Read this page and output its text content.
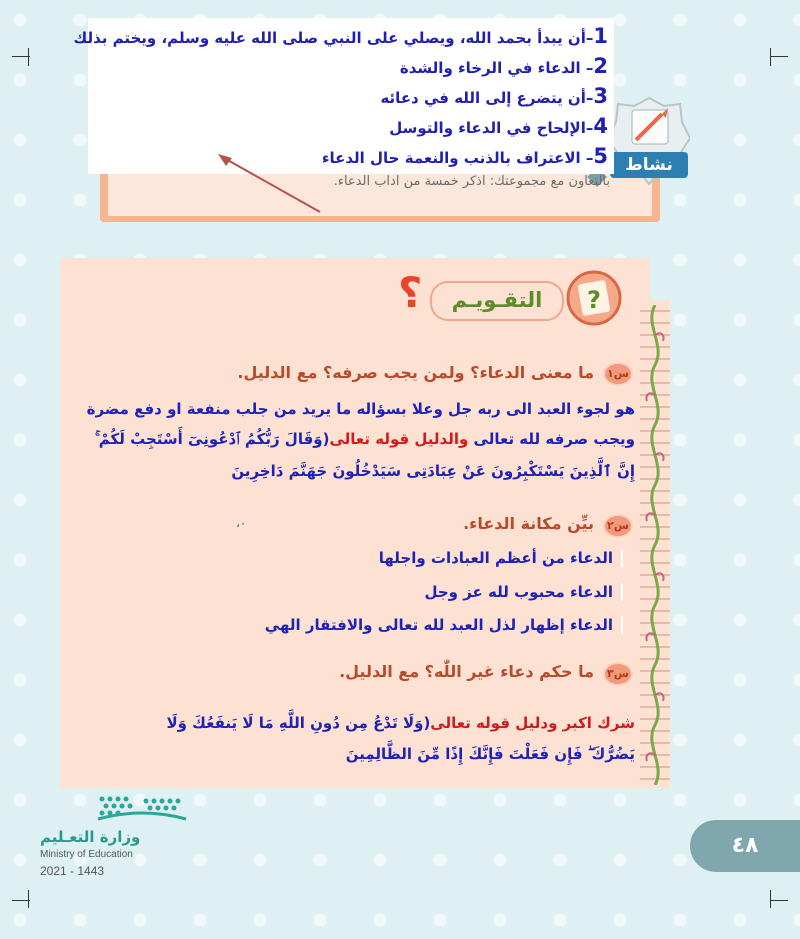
بالتعاون مع مجموعتك: اذكر خمسة من اداب الدعاء.
نشاط
1–أن يبدأ بحمد الله، ويصلي على النبي صلى الله عليه وسلم، ويختم بذلك
2– الدعاء في الرخاء والشدة
3–أن يتضرع إلى الله في دعائه
4–الإلحاح في الدعاء والتوسل
5– الاعتراف بالذنب والنعمة حال الدعاء
?
التقـويـم
؟
س١
ما معنى الدعاء؟ ولمن يجب صرفه؟ مع الدليل.
هو لجوء العبد الى ربه جل وعلا بسؤاله ما يريد من جلب منفعة او دفع مضرة
ويجب صرفه لله تعالى والدليل قوله تعالى(وَقَالَ رَبُّكُمُ ٱدْعُونِىٓ أَسْتَجِبْ لَكُمْ ۚ
إِنَّ ٱلَّذِينَ يَسْتَكْبِرُونَ عَنْ عِبَادَتِى سَيَدْخُلُونَ جَهَنَّمَ دَاخِرِينَ
س٢
بيِّن مكانة الدعاء.
٠،
الدعاء من أعظم العبادات واجلها
الدعاء محبوب لله عز وجل
الدعاء إظهار لذل العبد لله تعالى والافتقار الهي
س٣
ما حكم دعاء غير اللّٰه؟ مع الدليل.
شرك اكبر ودليل قوله تعالى(وَلَا تَدْعُ مِن دُونِ اللَّهِ مَا لَا يَنفَعُكَ وَلَا
يَضُرُّكَ ۖ فَإِن فَعَلْتَ فَإِنَّكَ إِذًا مِّنَ الظَّالِمِينَ
وزارة التعـليم
Ministry of Education
2021 - 1443
٤٨
